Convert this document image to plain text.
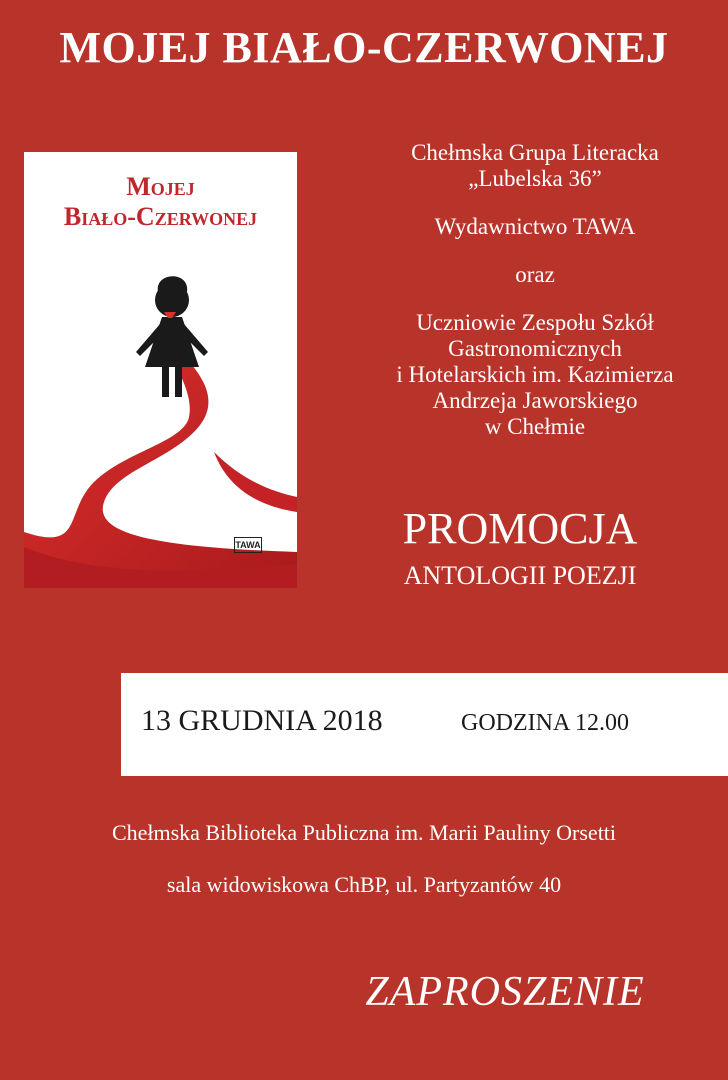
MOJEJ BIAŁO-CZERWONEJ
Mojej
Biało-Czerwonej
TAWA

Chełmska Grupa Literacka

„Lubelska 36”

Wydawnictwo TAWA

oraz

Uczniowie Zespołu Szkół

Gastronomicznych

i Hotelarskich im. Kazimierza

Andrzeja Jaworskiego

w Chełmie

PROMOCJA
ANTOLOGII POEZJI
13 GRUDNIA 2018	GODZINA 12.00
Chełmska Biblioteka Publiczna im. Marii Pauliny Orsetti
sala widowiskowa ChBP, ul. Partyzantów 40
ZAPROSZENIE
